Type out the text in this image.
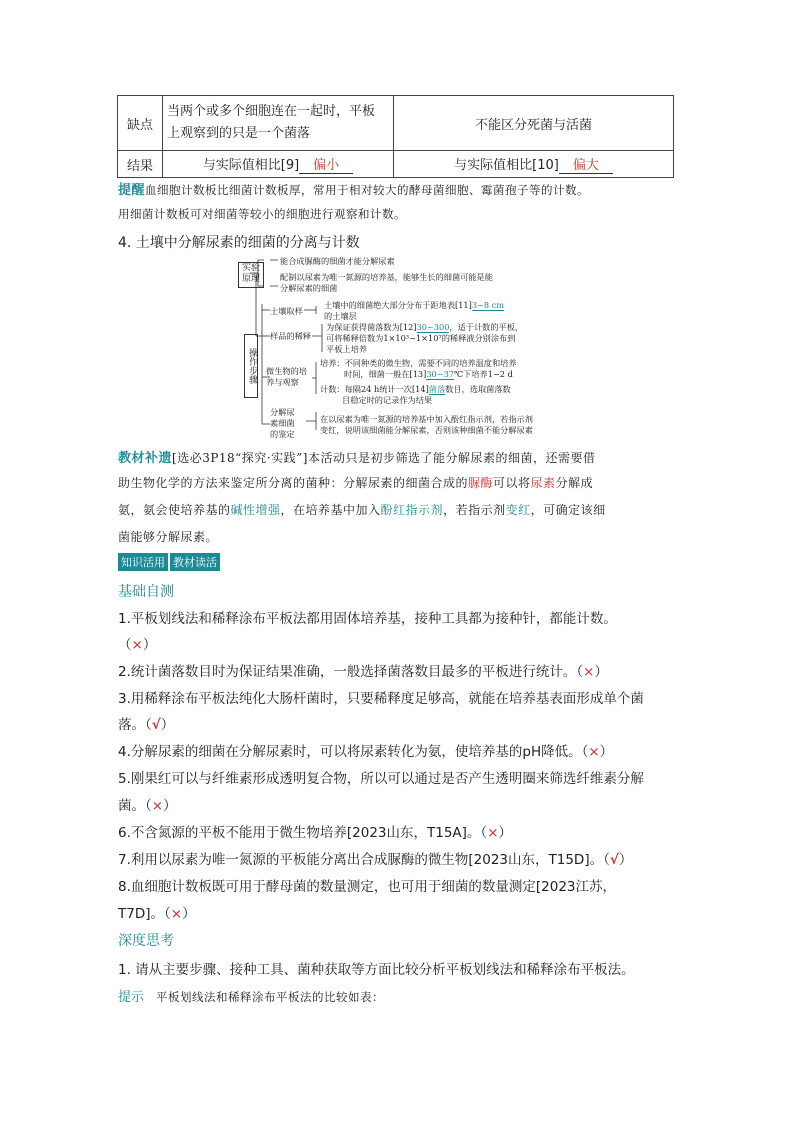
缺点	当两个或多个细胞连在一起时，平板
上观察到的只是一个菌落	不能区分死菌与活菌
结果	与实际值相比[9] 偏小	与实际值相比[10] 偏大
提醒血细胞计数板比细菌计数板厚，常用于相对较大的酵母菌细胞、霉菌孢子等的计数。
用细菌计数板可对细菌等较小的细胞进行观察和计数。
4. 土壤中分解尿素的细菌的分离与计数
实验原理
操作步骤
能合成脲酶的细菌才能分解尿素
配制以尿素为唯一氮源的培养基，能够生长的细菌可能是能
分解尿素的细菌
土壤取样
土壤中的细菌绝大部分分布于距地表[11]3~8 cm
的土壤层
样品的稀释
为保证获得菌落数为[12]30~300，适于计数的平板，
可将稀释倍数为1×10³~1×10⁷的稀释液分别涂布到
平板上培养
微生物的培
养与观察
培养：不同种类的微生物，需要不同的培养温度和培养
时间，细菌一般在[13]30~37℃下培养1~2 d
计数：每隔24 h统计一次[14]菌落数目，选取菌落数
目稳定时的记录作为结果
分解尿
素细菌
的鉴定
在以尿素为唯一氮源的培养基中加入酚红指示剂，若指示剂
变红，说明该细菌能分解尿素，否则该种细菌不能分解尿素
教材补遗[选必3P18“探究·实践”]本活动只是初步筛选了能分解尿素的细菌，还需要借
助生物化学的方法来鉴定所分离的菌种：分解尿素的细菌合成的脲酶可以将尿素分解成
氨，氨会使培养基的碱性增强，在培养基中加入酚红指示剂，若指示剂变红，可确定该细
菌能够分解尿素。
知识活用 教材读活
基础自测
1.平板划线法和稀释涂布平板法都用固体培养基，接种工具都为接种针，都能计数。
（×）
2.统计菌落数目时为保证结果准确，一般选择菌落数目最多的平板进行统计。（×）
3.用稀释涂布平板法纯化大肠杆菌时，只要稀释度足够高，就能在培养基表面形成单个菌
落。（√）
4.分解尿素的细菌在分解尿素时，可以将尿素转化为氨，使培养基的pH降低。（×）
5.刚果红可以与纤维素形成透明复合物，所以可以通过是否产生透明圈来筛选纤维素分解
菌。（×）
6.不含氮源的平板不能用于微生物培养[2023山东，T15A]。（×）
7.利用以尿素为唯一氮源的平板能分离出合成脲酶的微生物[2023山东，T15D]。（√）
8.血细胞计数板既可用于酵母菌的数量测定，也可用于细菌的数量测定[2023江苏，
T7D]。（×）
深度思考
1. 请从主要步骤、接种工具、菌种获取等方面比较分析平板划线法和稀释涂布平板法。
提示 平板划线法和稀释涂布平板法的比较如表：
